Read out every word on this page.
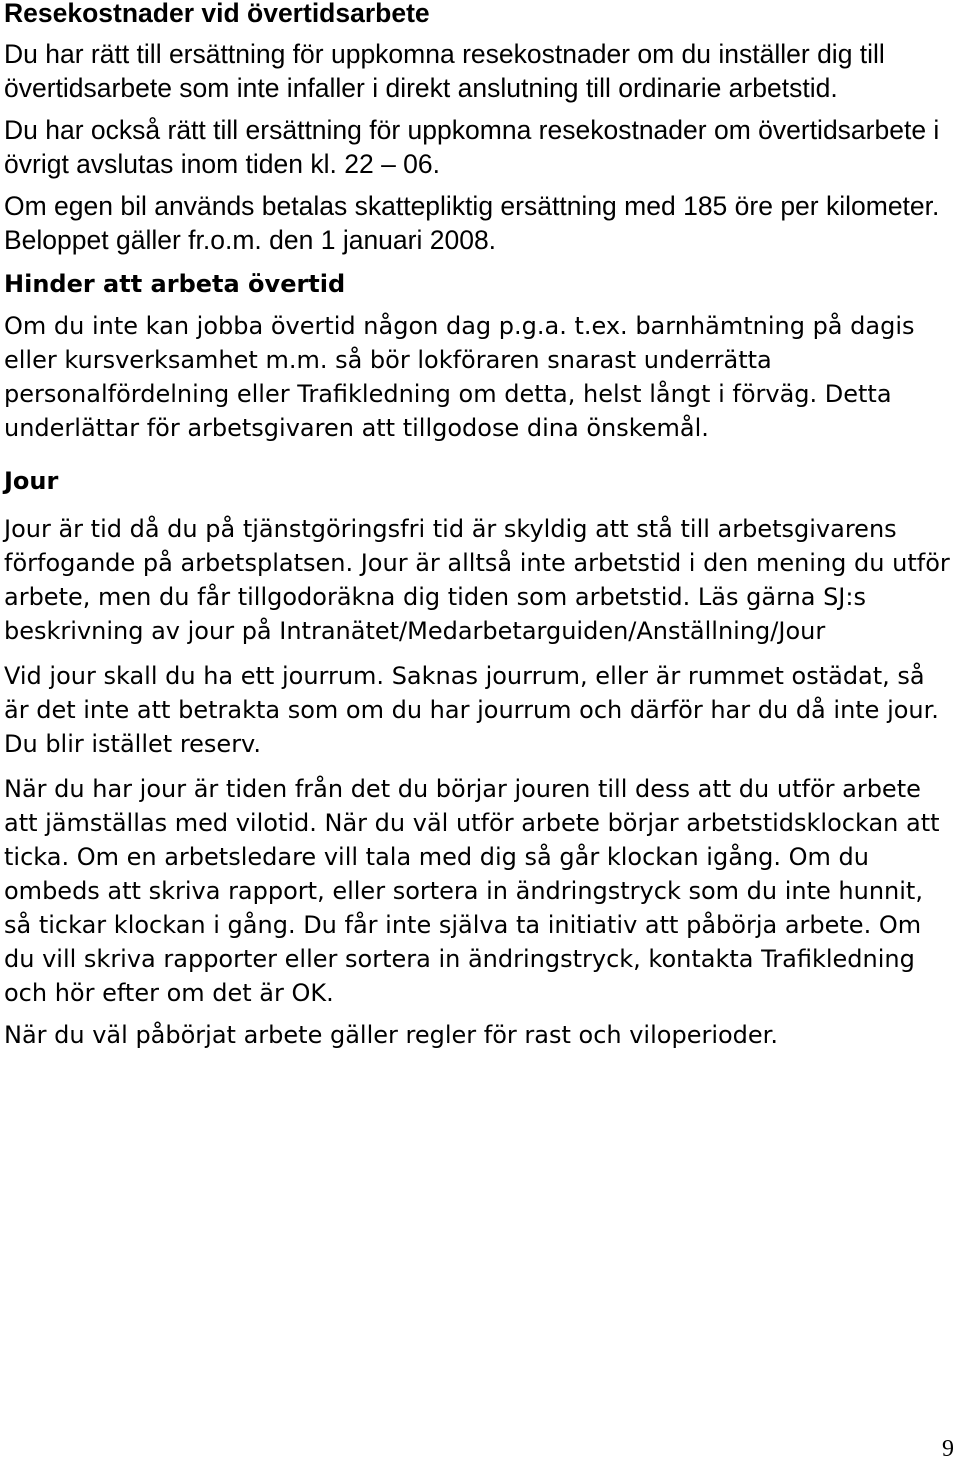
Resekostnader vid övertidsarbete

Du har rätt till ersättning för uppkomna resekostnader om du inställer dig till övertidsarbete som inte infaller i direkt anslutning till ordinarie arbetstid.

Du har också rätt till ersättning för uppkomna resekostnader om övertidsarbete i övrigt avslutas inom tiden kl. 22 – 06.

Om egen bil används betalas skattepliktig ersättning med 185 öre per kilometer. Beloppet gäller fr.o.m. den 1 januari 2008.

Hinder att arbeta övertid

Om du inte kan jobba övertid någon dag p.g.a. t.ex. barnhämtning på dagis eller kursverksamhet m.m. så bör lokföraren snarast underrätta personalfördelning eller Trafikledning om detta, helst långt i förväg. Detta underlättar för arbetsgivaren att tillgodose dina önskemål.

Jour

Jour är tid då du på tjänstgöringsfri tid är skyldig att stå till arbetsgivarens förfogande på arbetsplatsen. Jour är alltså inte arbetstid i den mening du utför arbete, men du får tillgodoräkna dig tiden som arbetstid. Läs gärna SJ:s beskrivning av jour på Intranätet/Medarbetarguiden/Anställning/Jour

Vid jour skall du ha ett jourrum. Saknas jourrum, eller är rummet ostädat, så är det inte att betrakta som om du har jourrum och därför har du då inte jour. Du blir istället reserv.

När du har jour är tiden från det du börjar jouren till dess att du utför arbete att jämställas med vilotid. När du väl utför arbete börjar arbetstidsklockan att ticka. Om en arbetsledare vill tala med dig så går klockan igång. Om du ombeds att skriva rapport, eller sortera in ändringstryck som du inte hunnit, så tickar klockan i gång. Du får inte själva ta initiativ att påbörja arbete. Om du vill skriva rapporter eller sortera in ändringstryck, kontakta Trafikledning och hör efter om det är OK.

När du väl påbörjat arbete gäller regler för rast och viloperioder.

9
